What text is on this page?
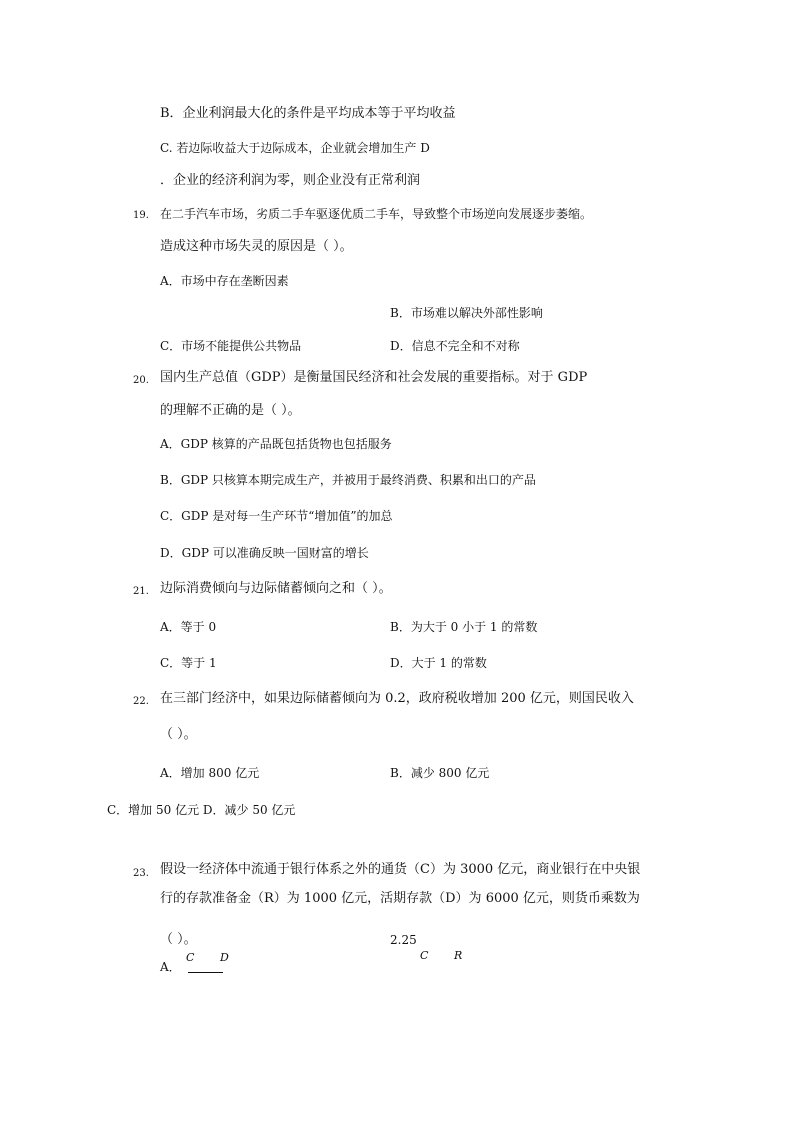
B．企业利润最大化的条件是平均成本等于平均收益
C. 若边际收益大于边际成本，企业就会增加生产 D
．企业的经济利润为零，则企业没有正常利润
19. 在二手汽车市场，劣质二手车驱逐优质二手车，导致整个市场逆向发展逐步萎缩。
造成这种市场失灵的原因是（ ）。
A．市场中存在垄断因素
B．市场难以解决外部性影响
C．市场不能提供公共物品	D．信息不完全和不对称
20. 国内生产总值（GDP）是衡量国民经济和社会发展的重要指标。对于 GDP
的理解不正确的是（ ）。
A．GDP 核算的产品既包括货物也包括服务
B．GDP 只核算本期完成生产，并被用于最终消费、积累和出口的产品
C．GDP 是对每一生产环节“增加值”的加总
D．GDP 可以准确反映一国财富的增长
21. 边际消费倾向与边际储蓄倾向之和（ ）。
A．等于 0	B．为大于 0 小于 1 的常数
C．等于 1	D．大于 1 的常数
22. 在三部门经济中，如果边际储蓄倾向为 0.2，政府税收增加 200 亿元，则国民收入
（ ）。
A．增加 800 亿元	B．减少 800 亿元
C．增加 50 亿元 D．减少 50 亿元
23. 假设一经济体中流通于银行体系之外的通货（C）为 3000 亿元，商业银行在中央银
行的存款准备金（R）为 1000 亿元，活期存款（D）为 6000 亿元，则货币乘数为
（ ）。	2.25
C D
A．
C R
